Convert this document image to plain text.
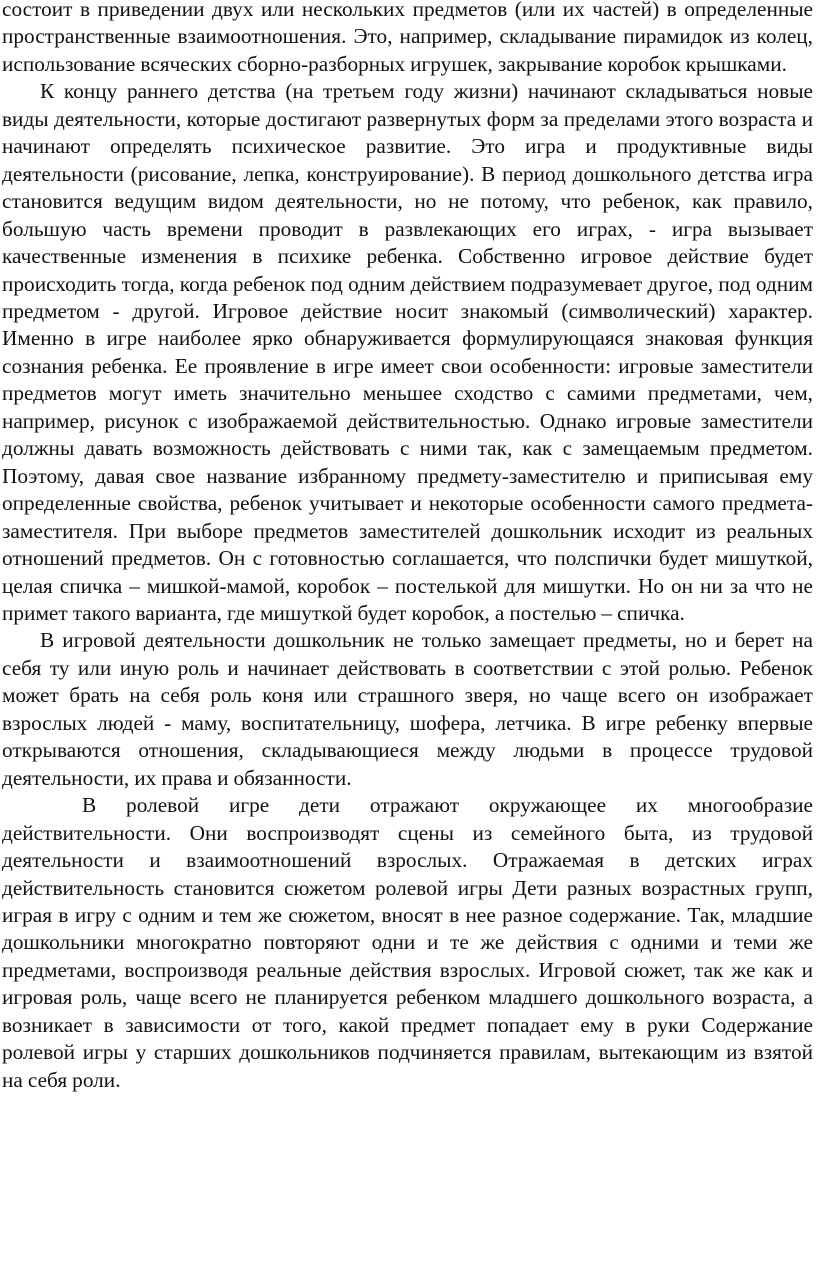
состоит в приведении двух или нескольких предметов (или их частей) в определенные пространственные взаимоотношения. Это, например, складывание пирамидок из колец, использование всяческих сборно-разборных игрушек, закрывание коробок крышками.

К концу раннего детства (на третьем году жизни) начинают складываться новые виды деятельности, которые достигают развернутых форм за пределами этого возраста и начинают определять психическое развитие. Это игра и продуктивные виды деятельности (рисование, лепка, конструирование). В период дошкольного детства игра становится ведущим видом деятельности, но не потому, что ребенок, как правило, большую часть времени проводит в развлекающих его играх, - игра вызывает качественные изменения в психике ребенка. Собственно игровое действие будет происходить тогда, когда ребенок под одним действием подразумевает другое, под одним предметом - другой. Игровое действие носит знакомый (символический) характер. Именно в игре наиболее ярко обнаруживается формулирующаяся знаковая функция сознания ребенка. Ее проявление в игре имеет свои особенности: игровые заместители предметов могут иметь значительно меньшее сходство с самими предметами, чем, например, рисунок с изображаемой действительностью. Однако игровые заместители должны давать возможность действовать с ними так, как с замещаемым предметом. Поэтому, давая свое название избранному предмету-заместителю и приписывая ему определенные свойства, ребенок учитывает и некоторые особенности самого предмета-заместителя. При выборе предметов заместителей дошкольник исходит из реальных отношений предметов. Он с готовностью соглашается, что полспички будет мишуткой, целая спичка – мишкой-мамой, коробок – постелькой для мишутки. Но он ни за что не примет такого варианта, где мишуткой будет коробок, а постелью – спичка.

В игровой деятельности дошкольник не только замещает предметы, но и берет на себя ту или иную роль и начинает действовать в соответствии с этой ролью. Ребенок может брать на себя роль коня или страшного зверя, но чаще всего он изображает взрослых людей - маму, воспитательницу, шофера, летчика. В игре ребенку впервые открываются отношения, складывающиеся между людьми в процессе трудовой деятельности, их права и обязанности.

В ролевой игре дети отражают окружающее их многообразие действительности. Они воспроизводят сцены из семейного быта, из трудовой деятельности и взаимоотношений взрослых. Отражаемая в детских играх действительность становится сюжетом ролевой игры Дети разных возрастных групп, играя в игру с одним и тем же сюжетом, вносят в нее разное содержание. Так, младшие дошкольники многократно повторяют одни и те же действия с одними и теми же предметами, воспроизводя реальные действия взрослых. Игровой сюжет, так же как и игровая роль, чаще всего не планируется ребенком младшего дошкольного возраста, а возникает в зависимости от того, какой предмет попадает ему в руки Содержание ролевой игры у старших дошкольников подчиняется правилам, вытекающим из взятой на себя роли.
